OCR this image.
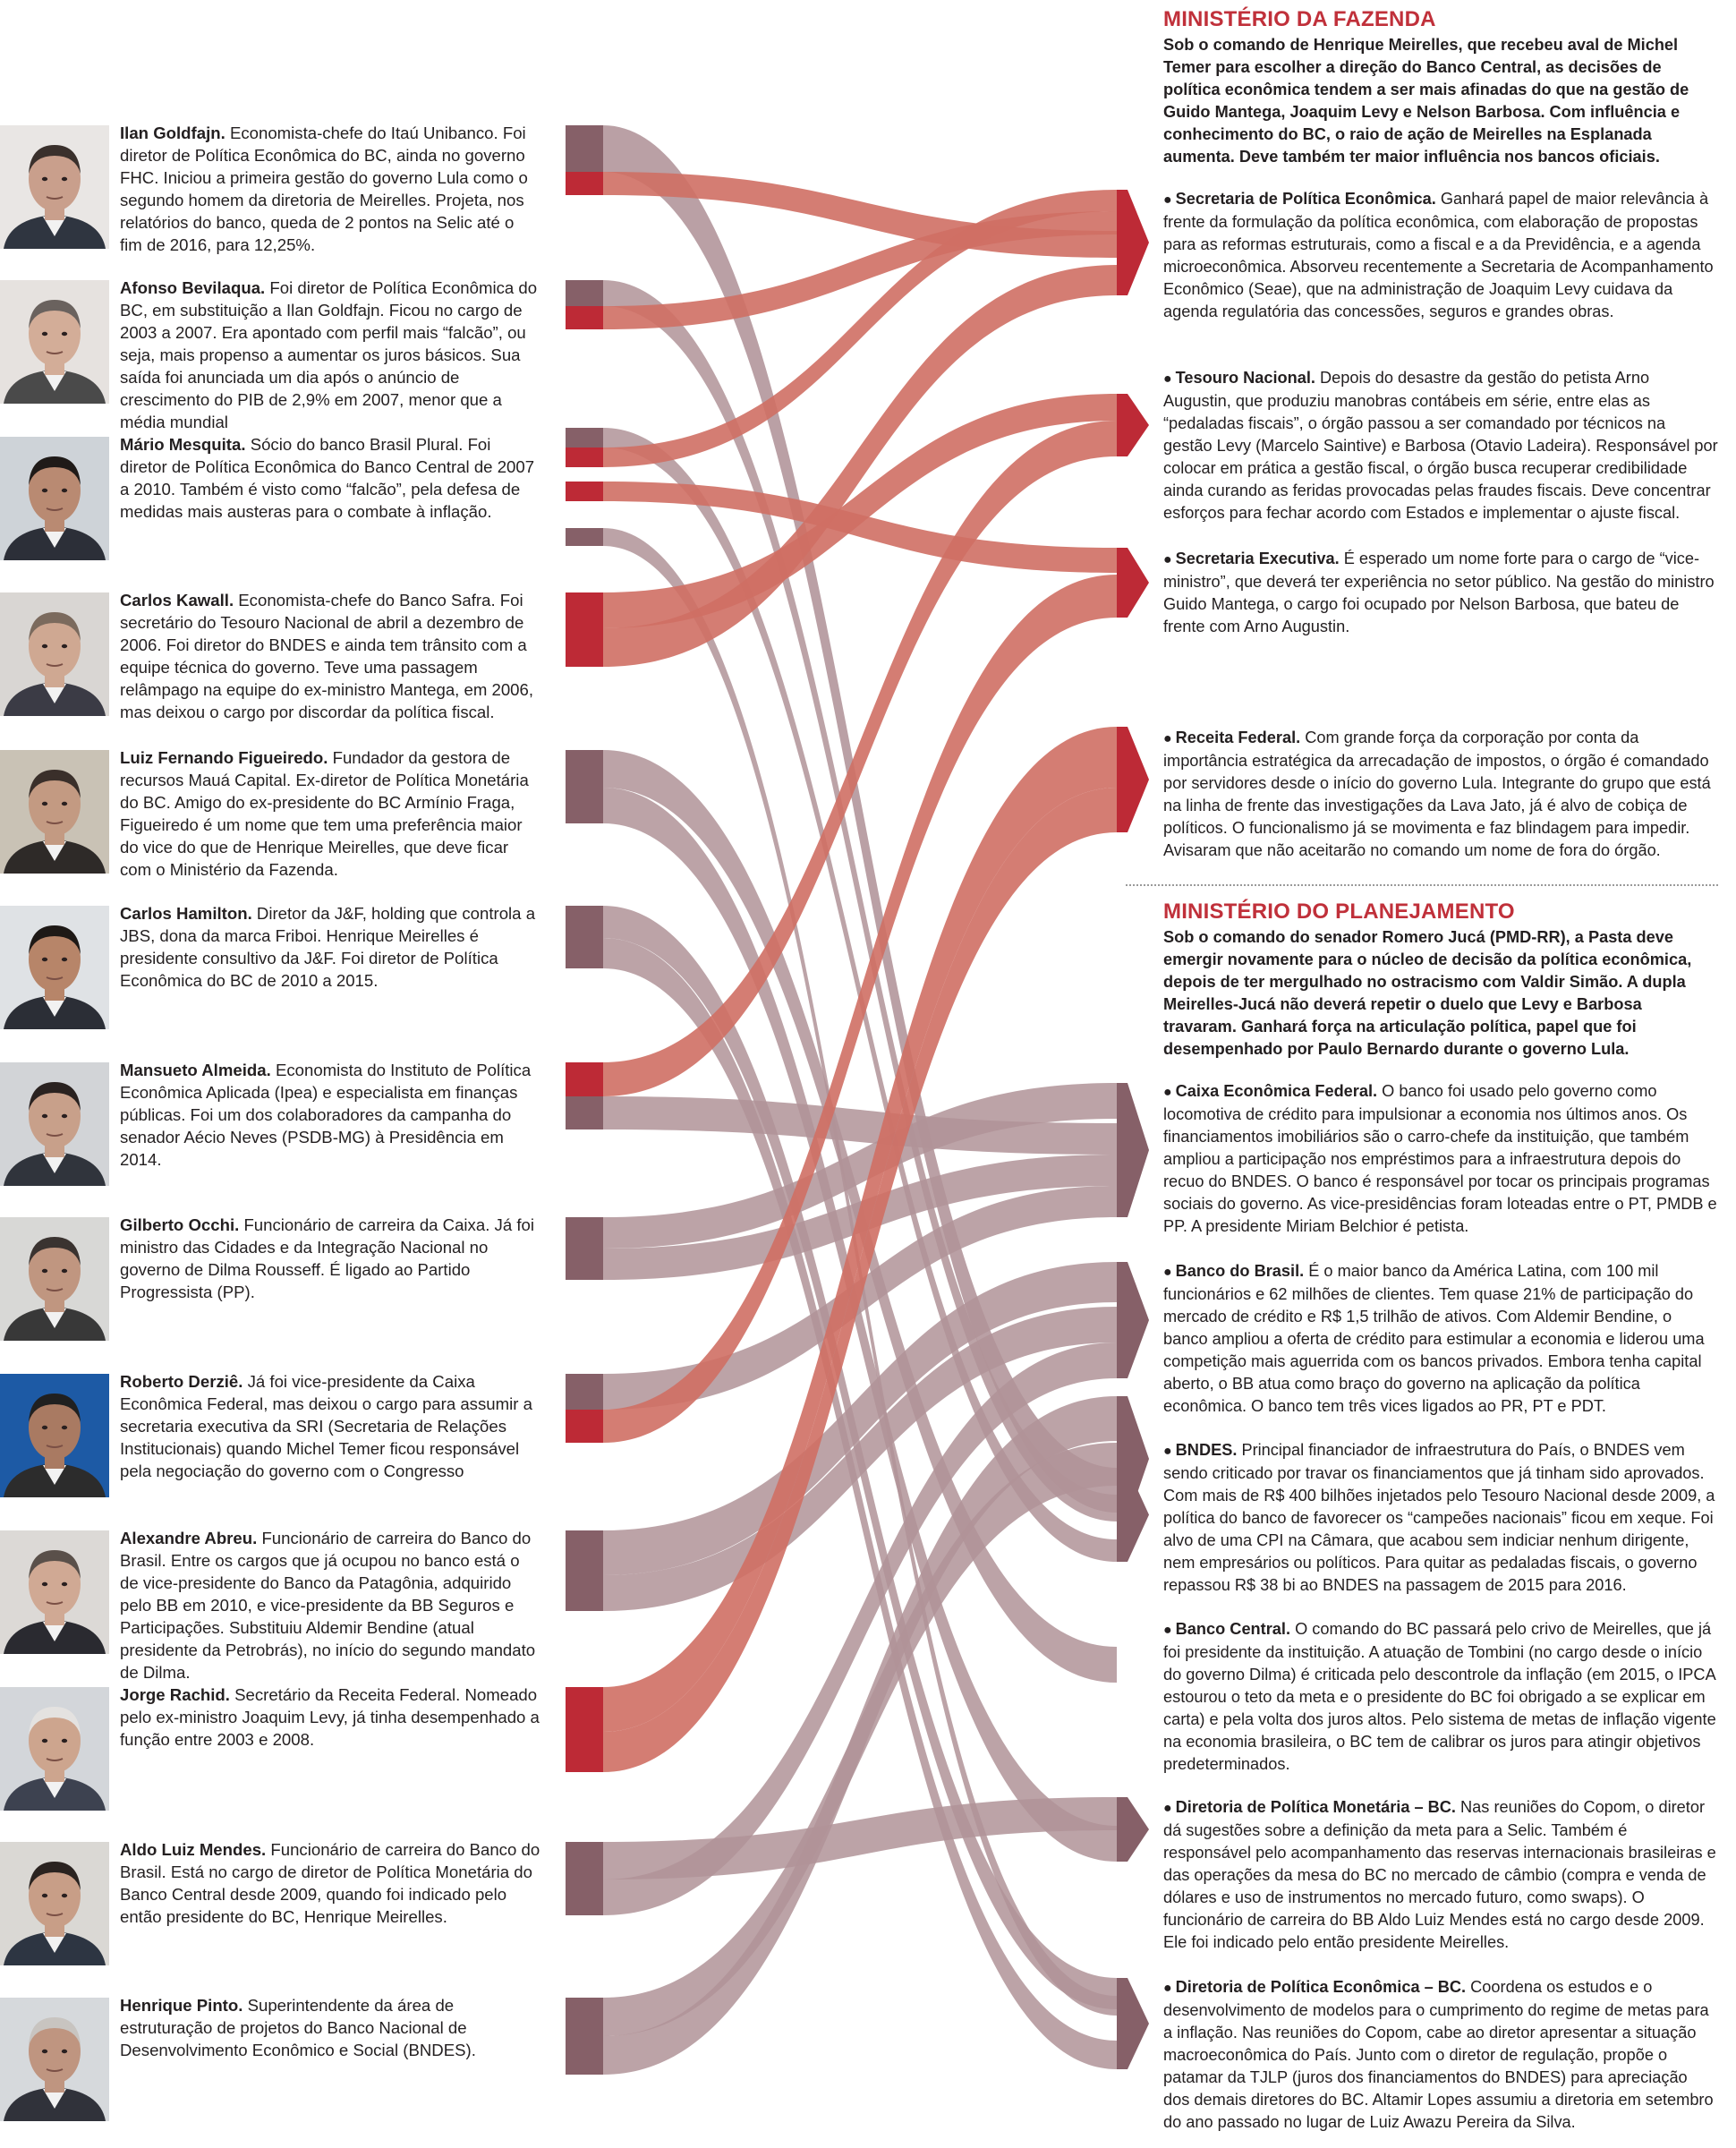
Ilan Goldfajn. Economista-chefe do Itaú Unibanco. Foi diretor de Política Econômica do BC, ainda no governo FHC. Iniciou a primeira gestão do governo Lula como o segundo homem da diretoria de Meirelles. Projeta, nos relatórios do banco, queda de 2 pontos na Selic até o fim de 2016, para 12,25%.
Afonso Bevilaqua. Foi diretor de Política Econômica do BC, em substituição a Ilan Goldfajn. Ficou no cargo de 2003 a 2007. Era apontado com perfil mais “falcão”, ou seja, mais propenso a aumentar os juros básicos. Sua saída foi anunciada um dia após o anúncio de crescimento do PIB de 2,9% em 2007, menor que a média mundial
Mário Mesquita. Sócio do banco Brasil Plural. Foi diretor de Política Econômica do Banco Central de 2007 a 2010. Também é visto como “falcão”, pela defesa de medidas mais austeras para o combate à inflação.
Carlos Kawall. Economista-chefe do Banco Safra. Foi secretário do Tesouro Nacional de abril a dezembro de 2006. Foi diretor do BNDES e ainda tem trânsito com a equipe técnica do governo. Teve uma passagem relâmpago na equipe do ex-ministro Mantega, em 2006, mas deixou o cargo por discordar da política fiscal.
Luiz Fernando Figueiredo. Fundador da gestora de recursos Mauá Capital. Ex-diretor de Política Monetária do BC. Amigo do ex-presidente do BC Armínio Fraga, Figueiredo é um nome que tem uma preferência maior do vice do que de Henrique Meirelles, que deve ficar com o Ministério da Fazenda.
Carlos Hamilton. Diretor da J&F, holding que controla a JBS, dona da marca Friboi. Henrique Meirelles é presidente consultivo da J&F. Foi diretor de Política Econômica do BC de 2010 a 2015.
Mansueto Almeida. Economista do Instituto de Política Econômica Aplicada (Ipea) e especialista em finanças públicas. Foi um dos colaboradores da campanha do senador Aécio Neves (PSDB-MG) à Presidência em 2014.
Gilberto Occhi. Funcionário de carreira da Caixa. Já foi ministro das Cidades e da Integração Nacional no governo de Dilma Rousseff. É ligado ao Partido Progressista (PP).
Roberto Derziê. Já foi vice-presidente da Caixa Econômica Federal, mas deixou o cargo para assumir a secretaria executiva da SRI (Secretaria de Relações Institucionais) quando Michel Temer ficou responsável pela negociação do governo com o Congresso
Alexandre Abreu. Funcionário de carreira do Banco do Brasil. Entre os cargos que já ocupou no banco está o de vice-presidente do Banco da Patagônia, adquirido pelo BB em 2010, e vice-presidente da BB Seguros e Participações. Substituiu Aldemir Bendine (atual presidente da Petrobrás), no início do segundo mandato de Dilma.
Jorge Rachid. Secretário da Receita Federal. Nomeado pelo ex-ministro Joaquim Levy, já tinha desempenhado a função entre 2003 e 2008.
Aldo Luiz Mendes. Funcionário de carreira do Banco do Brasil. Está no cargo de diretor de Política Monetária do Banco Central desde 2009, quando foi indicado pelo então presidente do BC, Henrique Meirelles.
Henrique Pinto. Superintendente da área de estruturação de projetos do Banco Nacional de Desenvolvimento Econômico e Social (BNDES).
MINISTÉRIO DA FAZENDA
Sob o comando de Henrique Meirelles, que recebeu aval de Michel Temer para escolher a direção do Banco Central, as decisões de política econômica tendem a ser mais afinadas do que na gestão de Guido Mantega, Joaquim Levy e Nelson Barbosa. Com influência e conhecimento do BC, o raio de ação de Meirelles na Esplanada aumenta. Deve também ter maior influência nos bancos oficiais.
● Secretaria de Política Econômica. Ganhará papel de maior relevância à frente da formulação da política econômica, com elaboração de propostas para as reformas estruturais, como a fiscal e a da Previdência, e a agenda microeconômica. Absorveu recentemente a Secretaria de Acompanhamento Econômico (Seae), que na administração de Joaquim Levy cuidava da agenda regulatória das concessões, seguros e grandes obras.
● Tesouro Nacional. Depois do desastre da gestão do petista Arno Augustin, que produziu manobras contábeis em série, entre elas as “pedaladas fiscais”, o órgão passou a ser comandado por técnicos na gestão Levy (Marcelo Saintive) e Barbosa (Otavio Ladeira). Responsável por colocar em prática a gestão fiscal, o órgão busca recuperar credibilidade ainda curando as feridas provocadas pelas fraudes fiscais. Deve concentrar esforços para fechar acordo com Estados e implementar o ajuste fiscal.
● Secretaria Executiva. É esperado um nome forte para o cargo de “vice-ministro”, que deverá ter experiência no setor público. Na gestão do ministro Guido Mantega, o cargo foi ocupado por Nelson Barbosa, que bateu de frente com Arno Augustin.
● Receita Federal. Com grande força da corporação por conta da importância estratégica da arrecadação de impostos, o órgão é comandado por servidores desde o início do governo Lula. Integrante do grupo que está na linha de frente das investigações da Lava Jato, já é alvo de cobiça de políticos. O funcionalismo já se movimenta e faz blindagem para impedir. Avisaram que não aceitarão no comando um nome de fora do órgão.
MINISTÉRIO DO PLANEJAMENTO
Sob o comando do senador Romero Jucá (PMD-RR), a Pasta deve emergir novamente para o núcleo de decisão da política econômica, depois de ter mergulhado no ostracismo com Valdir Simão. A dupla Meirelles-Jucá não deverá repetir o duelo que Levy e Barbosa travaram. Ganhará força na articulação política, papel que foi desempenhado por Paulo Bernardo durante o governo Lula.
● Caixa Econômica Federal. O banco foi usado pelo governo como locomotiva de crédito para impulsionar a economia nos últimos anos. Os financiamentos imobiliários são o carro-chefe da instituição, que também ampliou a participação nos empréstimos para a infraestrutura depois do recuo do BNDES. O banco é responsável por tocar os principais programas sociais do governo. As vice-presidências foram loteadas entre o PT, PMDB e PP. A presidente Miriam Belchior é petista.
● Banco do Brasil. É o maior banco da América Latina, com 100 mil funcionários e 62 milhões de clientes. Tem quase 21% de participação do mercado de crédito e R$ 1,5 trilhão de ativos. Com Aldemir Bendine, o banco ampliou a oferta de crédito para estimular a economia e liderou uma competição mais aguerrida com os bancos privados. Embora tenha capital aberto, o BB atua como braço do governo na aplicação da política econômica. O banco tem três vices ligados ao PR, PT e PDT.
● BNDES. Principal financiador de infraestrutura do País, o BNDES vem sendo criticado por travar os financiamentos que já tinham sido aprovados. Com mais de R$ 400 bilhões injetados pelo Tesouro Nacional desde 2009, a política do banco de favorecer os “campeões nacionais” ficou em xeque. Foi alvo de uma CPI na Câmara, que acabou sem indiciar nenhum dirigente, nem empresários ou políticos. Para quitar as pedaladas fiscais, o governo repassou R$ 38 bi ao BNDES na passagem de 2015 para 2016.
● Banco Central. O comando do BC passará pelo crivo de Meirelles, que já foi presidente da instituição. A atuação de Tombini (no cargo desde o início do governo Dilma) é criticada pelo descontrole da inflação (em 2015, o IPCA estourou o teto da meta e o presidente do BC foi obrigado a se explicar em carta) e pela volta dos juros altos. Pelo sistema de metas de inflação vigente na economia brasileira, o BC tem de calibrar os juros para atingir objetivos predeterminados.
● Diretoria de Política Monetária – BC. Nas reuniões do Copom, o diretor dá sugestões sobre a definição da meta para a Selic. Também é responsável pelo acompanhamento das reservas internacionais brasileiras e das operações da mesa do BC no mercado de câmbio (compra e venda de dólares e uso de instrumentos no mercado futuro, como swaps). O funcionário de carreira do BB Aldo Luiz Mendes está no cargo desde 2009. Ele foi indicado pelo então presidente Meirelles.
● Diretoria de Política Econômica – BC. Coordena os estudos e o desenvolvimento de modelos para o cumprimento do regime de metas para a inflação. Nas reuniões do Copom, cabe ao diretor apresentar a situação macroeconômica do País. Junto com o diretor de regulação, propõe o patamar da TJLP (juros dos financiamentos do BNDES) para apreciação dos demais diretores do BC. Altamir Lopes assumiu a diretoria em setembro do ano passado no lugar de Luiz Awazu Pereira da Silva.
